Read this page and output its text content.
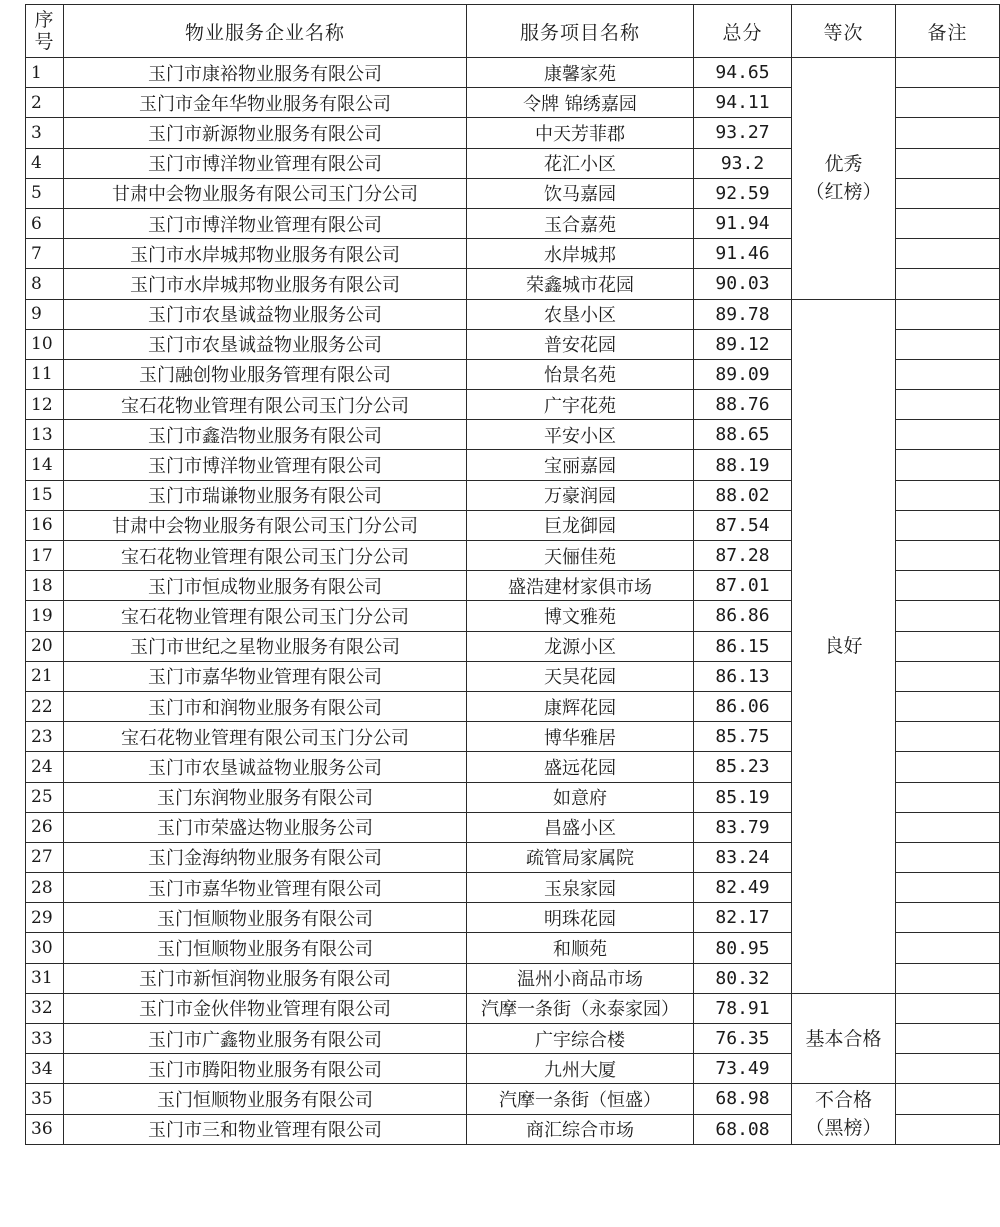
序号	物业服务企业名称	服务项目名称	总分	等次	备注
1	玉门市康裕物业服务有限公司	康馨家苑	94.65	优秀
（红榜）	

2	玉门市金年华物业服务有限公司	令牌 锦绣嘉园	94.11		
3	玉门市新源物业服务有限公司	中天芳菲郡	93.27		
4	玉门市博洋物业管理有限公司	花汇小区	93.2		
5	甘肃中会物业服务有限公司玉门分公司	饮马嘉园	92.59		
6	玉门市博洋物业管理有限公司	玉合嘉苑	91.94		
7	玉门市水岸城邦物业服务有限公司	水岸城邦	91.46		
8	玉门市水岸城邦物业服务有限公司	荣鑫城市花园	90.03		
9	玉门市农垦诚益物业服务公司	农垦小区	89.78	良好	

10	玉门市农垦诚益物业服务公司	普安花园	89.12		
11	玉门融创物业服务管理有限公司	怡景名苑	89.09		
12	宝石花物业管理有限公司玉门分公司	广宇花苑	88.76		
13	玉门市鑫浩物业服务有限公司	平安小区	88.65		
14	玉门市博洋物业管理有限公司	宝丽嘉园	88.19		
15	玉门市瑞谦物业服务有限公司	万豪润园	88.02		
16	甘肃中会物业服务有限公司玉门分公司	巨龙御园	87.54		
17	宝石花物业管理有限公司玉门分公司	天俪佳苑	87.28		
18	玉门市恒成物业服务有限公司	盛浩建材家俱市场	87.01		
19	宝石花物业管理有限公司玉门分公司	博文雅苑	86.86		
20	玉门市世纪之星物业服务有限公司	龙源小区	86.15		
21	玉门市嘉华物业管理有限公司	天昊花园	86.13		
22	玉门市和润物业服务有限公司	康辉花园	86.06		
23	宝石花物业管理有限公司玉门分公司	博华雅居	85.75		
24	玉门市农垦诚益物业服务公司	盛远花园	85.23		
25	玉门东润物业服务有限公司	如意府	85.19		
26	玉门市荣盛达物业服务公司	昌盛小区	83.79		
27	玉门金海纳物业服务有限公司	疏管局家属院	83.24		
28	玉门市嘉华物业管理有限公司	玉泉家园	82.49		
29	玉门恒顺物业服务有限公司	明珠花园	82.17		
30	玉门恒顺物业服务有限公司	和顺苑	80.95		
31	玉门市新恒润物业服务有限公司	温州小商品市场	80.32		
32	玉门市金伙伴物业管理有限公司	汽摩一条街（永泰家园）	78.91	基本合格	

33	玉门市广鑫物业服务有限公司	广宇综合楼	76.35		
34	玉门市腾阳物业服务有限公司	九州大厦	73.49		
35	玉门恒顺物业服务有限公司	汽摩一条街（恒盛）	68.98	不合格
（黑榜）	

36	玉门市三和物业管理有限公司	商汇综合市场	68.08		
